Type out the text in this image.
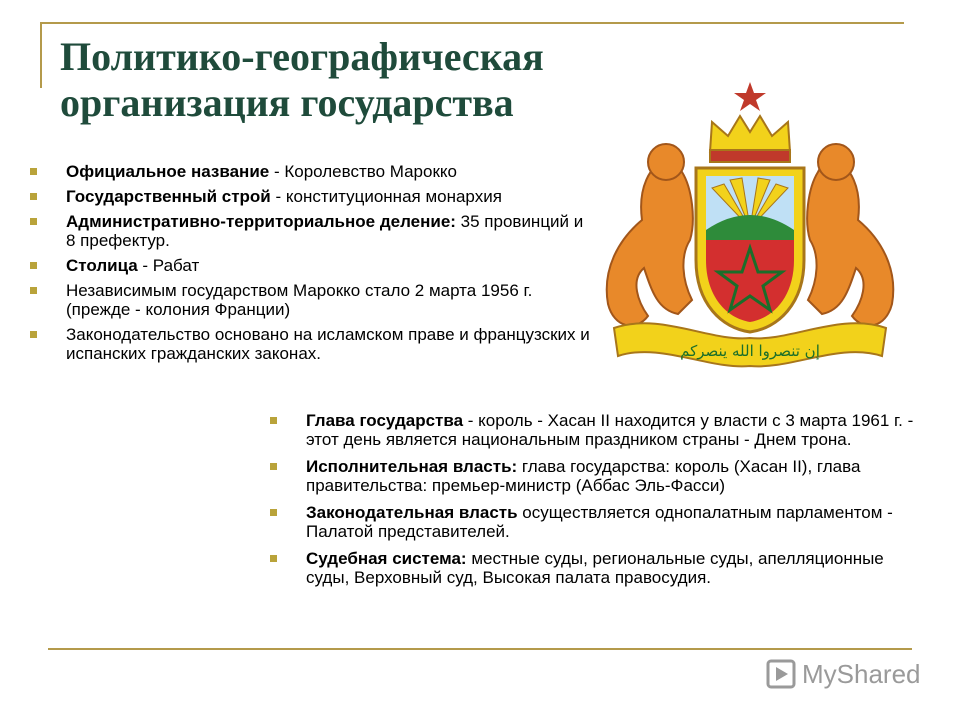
Политико-географическая организация государства
Официальное название - Королевство Марокко
Государственный строй - конституционная монархия
Административно-территориальное деление: 35 провинций и 8 префектур.
Столица - Рабат
Независимым государством Марокко стало 2 марта 1956 г. (прежде - колония Франции)
Законодательство основано на исламском праве и французских и испанских гражданских законах.	إن تنصروا الله ينصركم
Глава государства - король - Хасан II находится у власти с 3 марта 1961 г. - этот день является национальным праздником страны - Днем трона.
Исполнительная власть: глава государства: король (Хасан II), глава правительства: премьер-министр (Аббас Эль-Фасси)
Законодательная власть осуществляется однопалатным парламентом - Палатой представителей.
Судебная система: местные суды, региональные суды, апелляционные суды, Верховный суд, Высокая палата правосудия.
MyShared
